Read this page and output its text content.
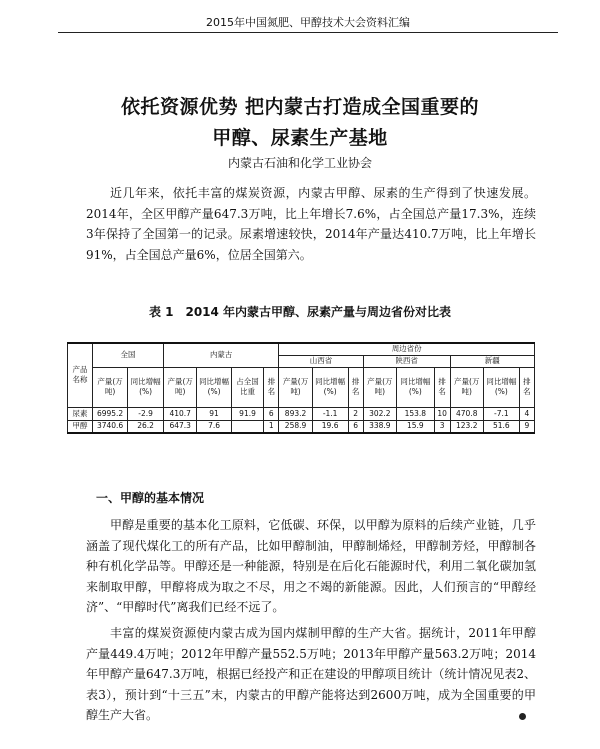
2015年中国氮肥、甲醇技术大会资料汇编
依托资源优势 把内蒙古打造成全国重要的
甲醇、尿素生产基地
内蒙古石油和化学工业协会
近几年来，依托丰富的煤炭资源，内蒙古甲醇、尿素的生产得到了快速发展。2014年，全区甲醇产量647.3万吨，比上年增长7.6%，占全国总产量17.3%，连续3年保持了全国第一的记录。尿素增速较快，2014年产量达410.7万吨，比上年增长91%，占全国总产量6%，位居全国第六。
表 1　2014 年内蒙古甲醇、尿素产量与周边省份对比表
产品名称	全国		内蒙古				周边省份								
							山西省			陕西省			新疆		
	产量(万吨)	同比增幅(%)	产量(万吨)	同比增幅(%)	占全国比重	排名	产量(万吨)	同比增幅(%)	排名	产量(万吨)	同比增幅(%)	排名	产量(万吨)	同比增幅(%)	排名
尿素	6995.2	-2.9	410.7	91	91.9	6	893.2	-1.1	2	302.2	153.8	10	470.8	-7.1	4
甲醇	3740.6	26.2	647.3	7.6		1	258.9	19.6	6	338.9	15.9	3	123.2	51.6	9
一、甲醇的基本情况
甲醇是重要的基本化工原料，它低碳、环保，以甲醇为原料的后续产业链，几乎涵盖了现代煤化工的所有产品，比如甲醇制油，甲醇制烯烃，甲醇制芳烃，甲醇制各种有机化学品等。甲醇还是一种能源，特别是在后化石能源时代，利用二氧化碳加氢来制取甲醇，甲醇将成为取之不尽，用之不竭的新能源。因此，人们预言的“甲醇经济”、“甲醇时代”离我们已经不远了。
丰富的煤炭资源使内蒙古成为国内煤制甲醇的生产大省。据统计，2011年甲醇产量449.4万吨；2012年甲醇产量552.5万吨；2013年甲醇产量563.2万吨；2014年甲醇产量647.3万吨，根据已经投产和正在建设的甲醇项目统计（统计情况见表2、表3），预计到“十三五”末，内蒙古的甲醇产能将达到2600万吨，成为全国重要的甲醇生产大省。
